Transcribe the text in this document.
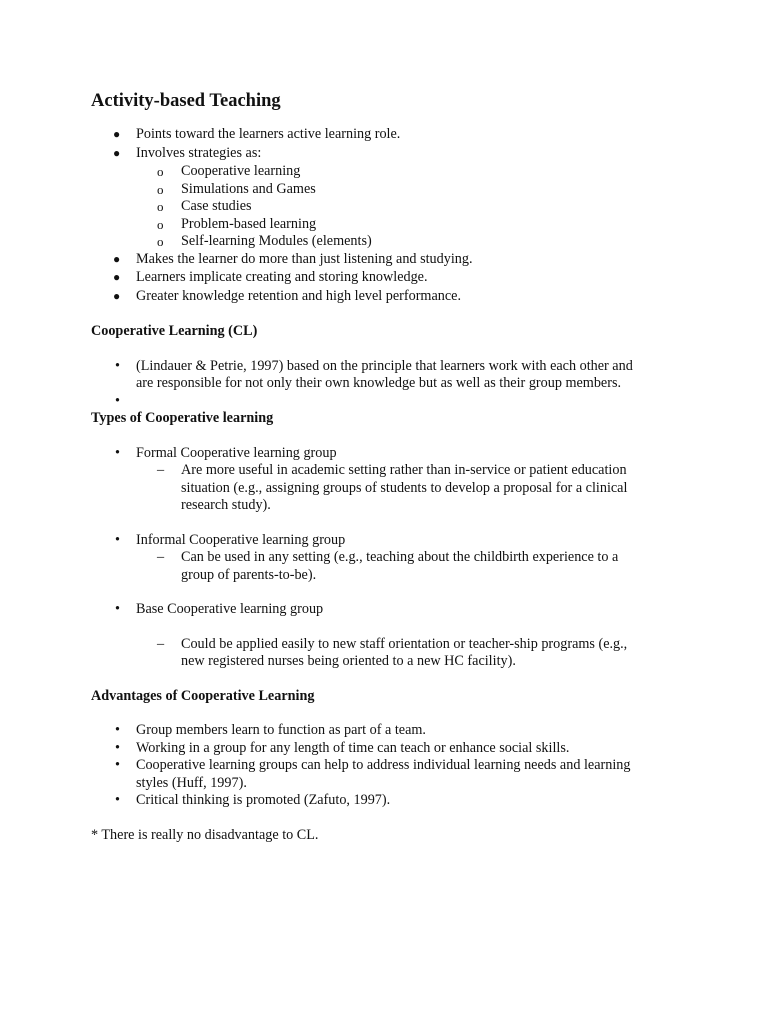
Activity-based Teaching
● Points toward the learners active learning role.
● Involves strategies as:
o Cooperative learning
o Simulations and Games
o Case studies
o Problem-based learning
o Self-learning Modules (elements)
● Makes the learner do more than just listening and studying.
● Learners implicate creating and storing knowledge.
● Greater knowledge retention and high level performance.
Cooperative Learning (CL)
• (Lindauer & Petrie, 1997) based on the principle that learners work with each other and
are responsible for not only their own knowledge but as well as their group members.
•

Types of Cooperative learning
• Formal Cooperative learning group
– Are more useful in academic setting rather than in-service or patient education
situation (e.g., assigning groups of students to develop a proposal for a clinical
research study).
• Informal Cooperative learning group
– Can be used in any setting (e.g., teaching about the childbirth experience to a
group of parents-to-be).
• Base Cooperative learning group
– Could be applied easily to new staff orientation or teacher-ship programs (e.g.,
new registered nurses being oriented to a new HC facility).
Advantages of Cooperative Learning
• Group members learn to function as part of a team.
• Working in a group for any length of time can teach or enhance social skills.
• Cooperative learning groups can help to address individual learning needs and learning
styles (Huff, 1997).
• Critical thinking is promoted (Zafuto, 1997).
* There is really no disadvantage to CL.
